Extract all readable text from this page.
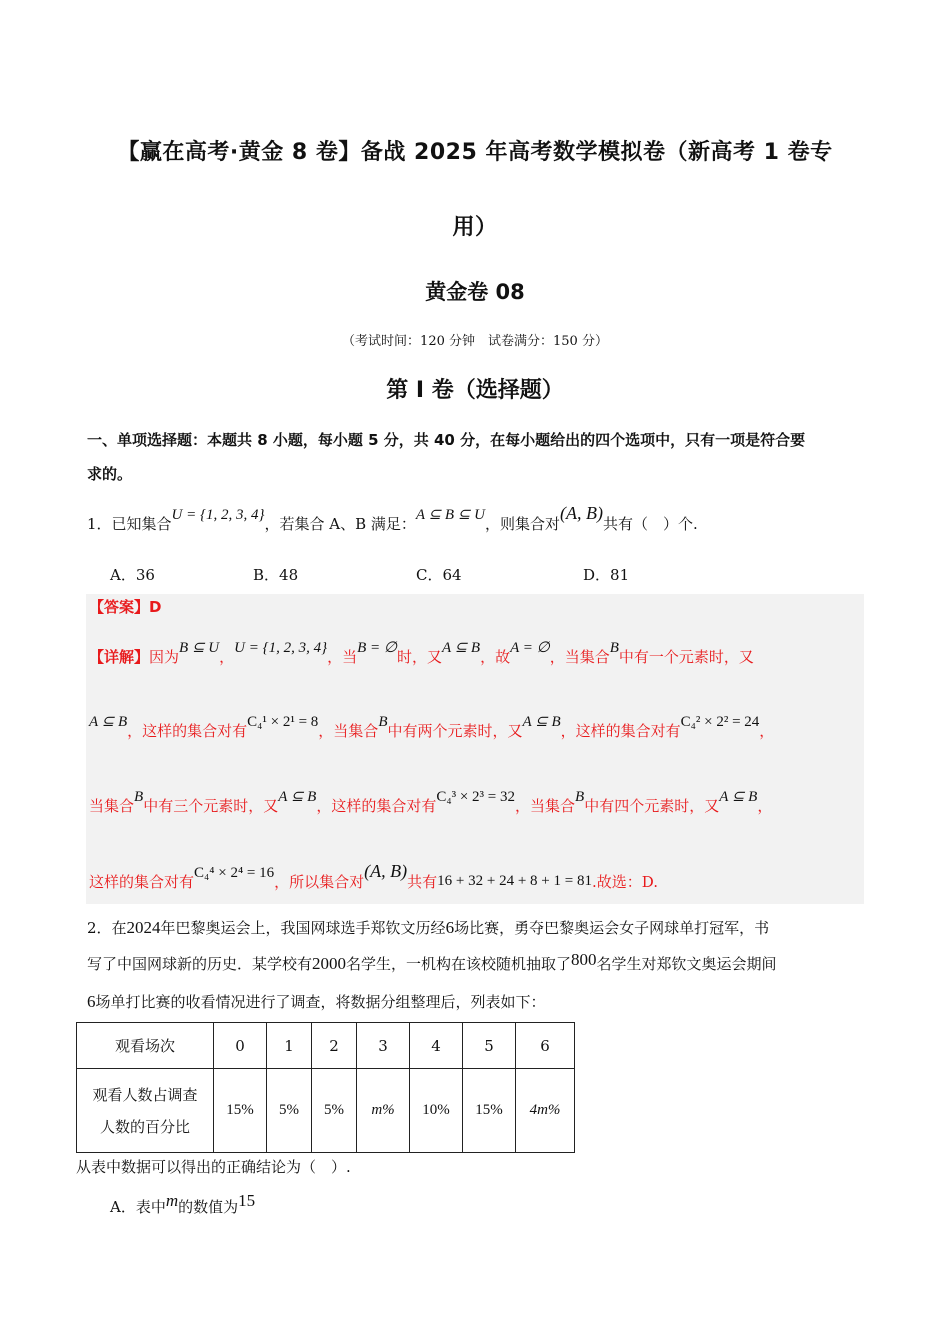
【赢在高考·黄金 8 卷】备战 2025 年高考数学模拟卷（新高考 1 卷专
用）
黄金卷 08
（考试时间：120 分钟　试卷满分：150 分）
第 I 卷（选择题）
一、单项选择题：本题共 8 小题，每小题 5 分，共 40 分，在每小题给出的四个选项中，只有一项是符合要
求的。
1．已知集合U = {1, 2, 3, 4}，若集合 A、B 满足：A ⊆ B ⊆ U，则集合对(A, B)共有（　）个.
A．36	B．48	C．64	D．81
【答案】D
【详解】因为B ⊆ U，U = {1, 2, 3, 4}，当B = ∅时，又A ⊆ B，故A = ∅，当集合B中有一个元素时，又
A ⊆ B，这样的集合对有C₄¹ × 2¹ = 8，当集合B中有两个元素时，又A ⊆ B，这样的集合对有C₄² × 2² = 24，
当集合B中有三个元素时，又A ⊆ B，这样的集合对有C₄³ × 2³ = 32，当集合B中有四个元素时，又A ⊆ B，
这样的集合对有C₄⁴ × 2⁴ = 16，所以集合对(A, B)共有16 + 32 + 24 + 8 + 1 = 81.故选：D.
2．在2024年巴黎奥运会上，我国网球选手郑钦文历经6场比赛，勇夺巴黎奥运会女子网球单打冠军，书
写了中国网球新的历史．某学校有2000名学生，一机构在该校随机抽取了800名学生对郑钦文奥运会期间
6场单打比赛的收看情况进行了调查，将数据分组整理后，列表如下：
观看场次	0	1	2	3	4	5	6

观看人数占调查
人数的百分比	15%	5%	5%	m%	10%	15%	4m%
从表中数据可以得出的正确结论为（　）.
A．表中m的数值为15
